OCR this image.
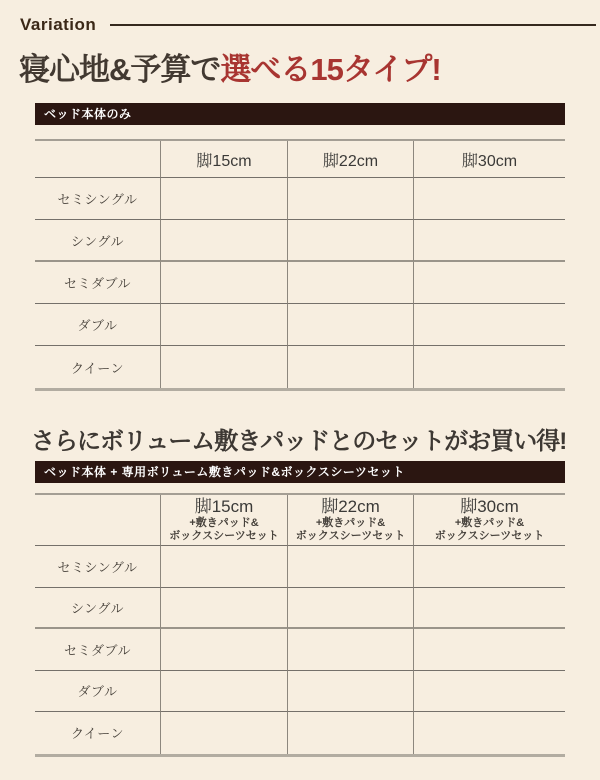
Variation
寝心地&予算で選べる15タイプ!
ベッド本体のみ
脚15cm	脚22cm	脚30cm
セミシングル
シングル
セミダブル
ダブル
クイーン
さらにボリューム敷きパッドとのセットがお買い得!
ベッド本体 + 専用ボリューム敷きパッド&ボックスシーツセット
脚15cm
+敷きパッド&
ボックスシーツセット
脚22cm
+敷きパッド&
ボックスシーツセット
脚30cm
+敷きパッド&
ボックスシーツセット
セミシングル
シングル
セミダブル
ダブル
クイーン
